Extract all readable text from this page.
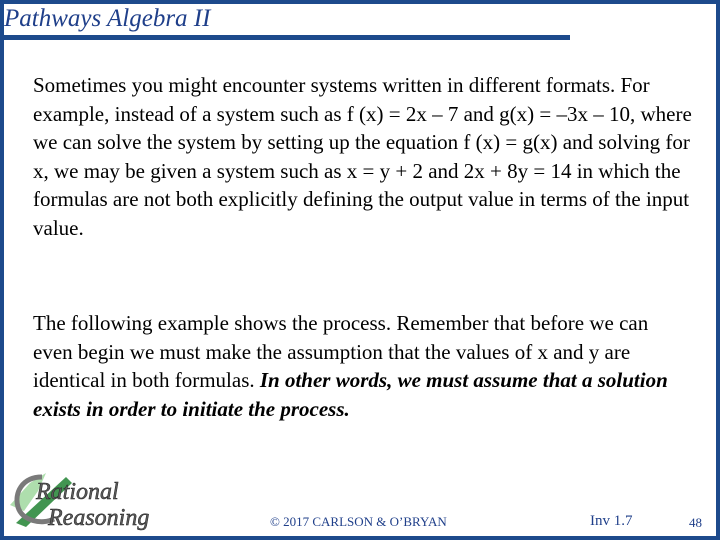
Pathways Algebra II
Sometimes you might encounter systems written in different formats. For example, instead of a system such as f (x) = 2x – 7 and g(x) = –3x – 10, where we can solve the system by setting up the equation f (x) = g(x) and solving for x, we may be given a system such as x = y + 2 and 2x + 8y = 14 in which the formulas are not both explicitly defining the output value in terms of the input value.
The following example shows the process. Remember that before we can even begin we must make the assumption that the values of x and y are identical in both formulas. In other words, we must assume that a solution exists in order to initiate the process.
Rational
Reasoning	© 2017 CARLSON & O’BRYAN	Inv 1.7	48
